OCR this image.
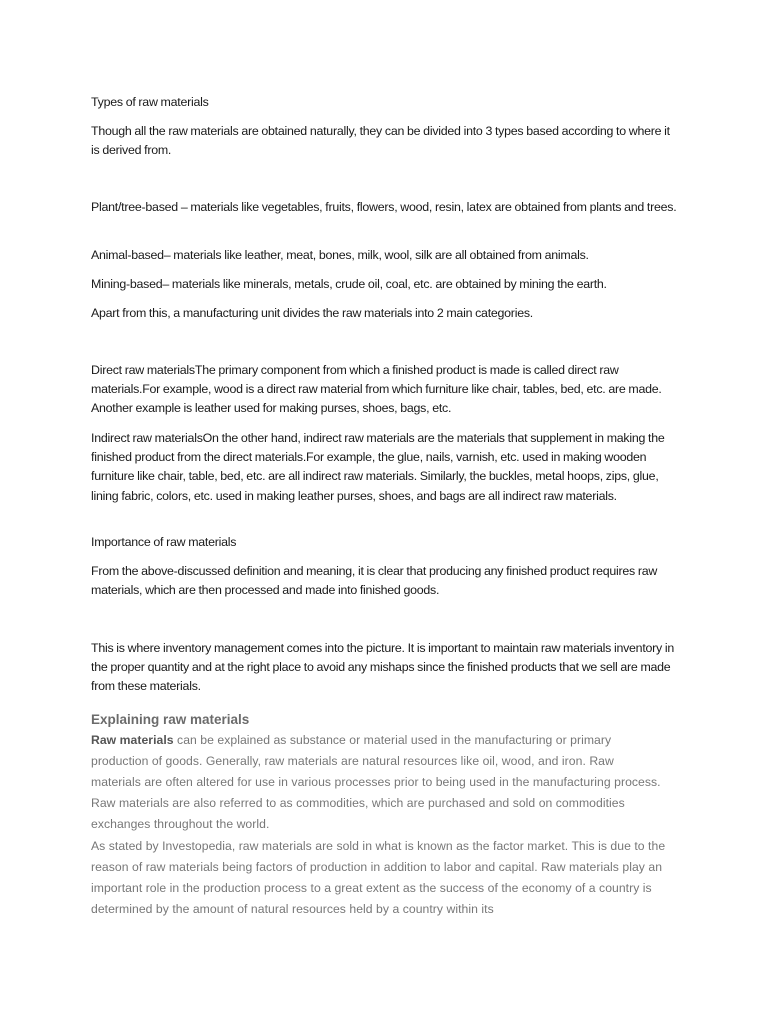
Types of raw materials

Though all the raw materials are obtained naturally, they can be divided into 3 types based according to where it is derived from.

Plant/tree-based – materials like vegetables, fruits, flowers, wood, resin, latex are obtained from plants and trees.

Animal-based– materials like leather, meat, bones, milk, wool, silk are all obtained from animals.

Mining-based– materials like minerals, metals, crude oil, coal, etc. are obtained by mining the earth.

Apart from this, a manufacturing unit divides the raw materials into 2 main categories.

Direct raw materialsThe primary component from which a finished product is made is called direct raw materials.For example, wood is a direct raw material from which furniture like chair, tables, bed, etc. are made. Another example is leather used for making purses, shoes, bags, etc.

Indirect raw materialsOn the other hand, indirect raw materials are the materials that supplement in making the finished product from the direct materials.For example, the glue, nails, varnish, etc. used in making wooden furniture like chair, table, bed, etc. are all indirect raw materials. Similarly, the buckles, metal hoops, zips, glue, lining fabric, colors, etc. used in making leather purses, shoes, and bags are all indirect raw materials.

Importance of raw materials

From the above-discussed definition and meaning, it is clear that producing any finished product requires raw materials, which are then processed and made into finished goods.

This is where inventory management comes into the picture. It is important to maintain raw materials inventory in the proper quantity and at the right place to avoid any mishaps since the finished products that we sell are made from these materials.

Explaining raw materials

Raw materials can be explained as substance or material used in the manufacturing or primary production of goods. Generally, raw materials are natural resources like oil, wood, and iron. Raw materials are often altered for use in various processes prior to being used in the manufacturing process. Raw materials are also referred to as commodities, which are purchased and sold on commodities exchanges throughout the world.

As stated by Investopedia, raw materials are sold in what is known as the factor market. This is due to the reason of raw materials being factors of production in addition to labor and capital. Raw materials play an important role in the production process to a great extent as the success of the economy of a country is determined by the amount of natural resources held by a country within its
